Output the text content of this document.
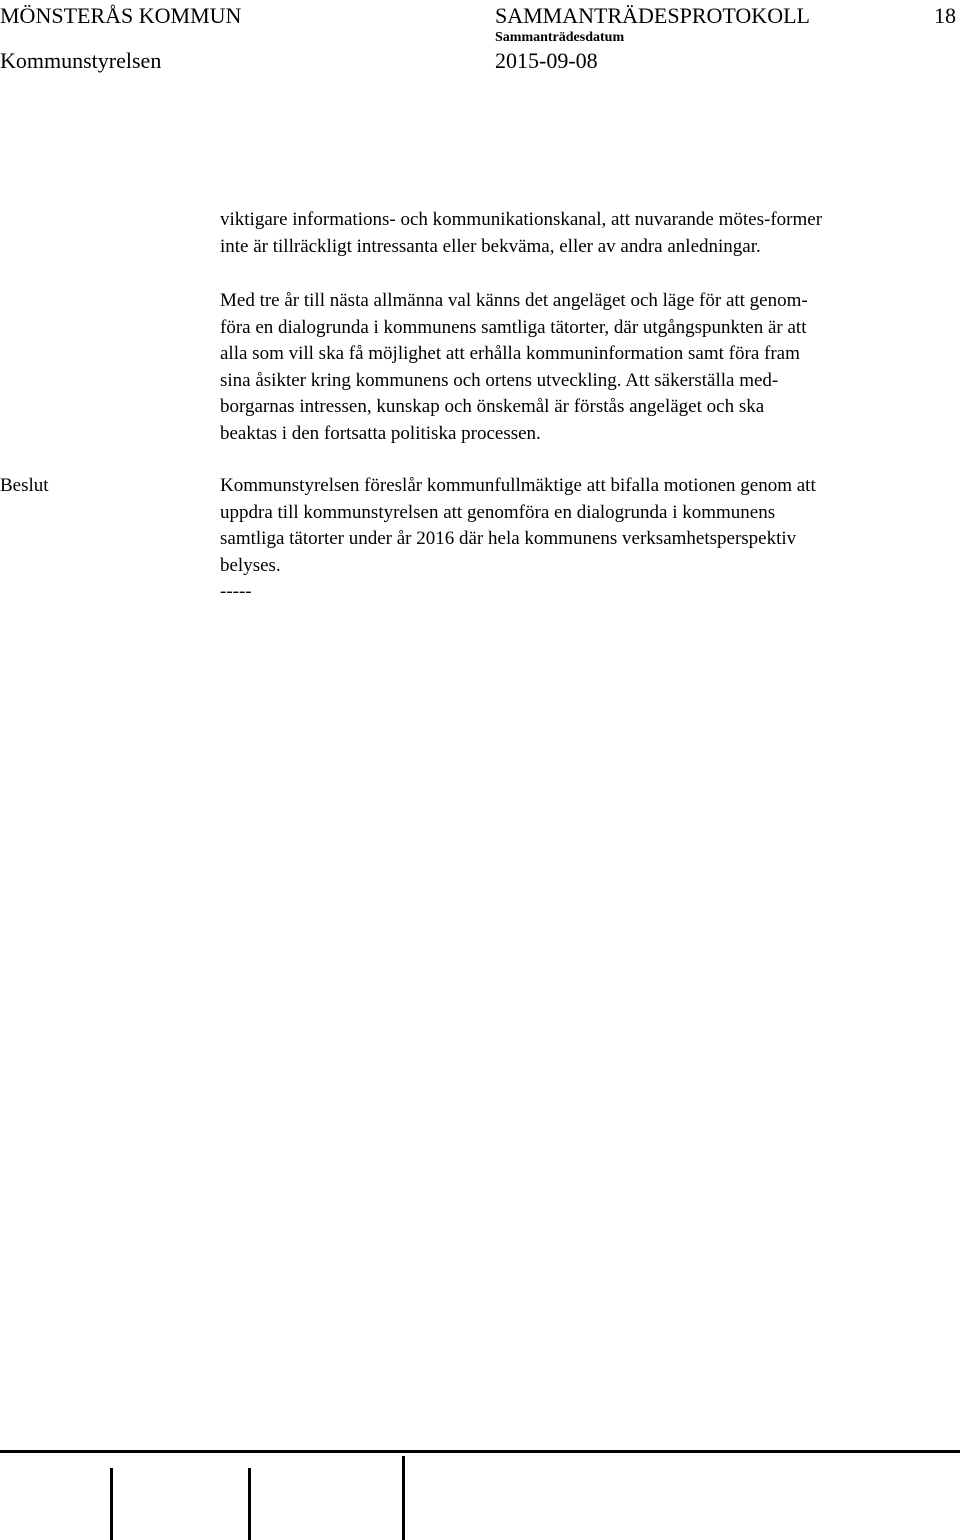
MÖNSTERÅS KOMMUN
Kommunstyrelsen
SAMMANTRÄDESPROTOKOLL
Sammanträdesdatum
2015-09-08
18

viktigare informations- och kommunikationskanal, att nuvarande mötes-former

inte är tillräckligt intressanta eller bekväma, eller av andra anledningar.

Med tre år till nästa allmänna val känns det angeläget och läge för att genom-

föra en dialogrunda i kommunens samtliga tätorter, där utgångspunkten är att

alla som vill ska få möjlighet att erhålla kommuninformation samt föra fram

sina åsikter kring kommunens och ortens utveckling. Att säkerställa med-

borgarnas intressen, kunskap och önskemål är förstås angeläget och ska

beaktas i den fortsatta politiska processen.

Beslut	Kommunstyrelsen föreslår kommunfullmäktige att bifalla motionen genom att

uppdra till kommunstyrelsen att genomföra en dialogrunda i kommunens

samtliga tätorter under år 2016 där hela kommunens verksamhetsperspektiv

belyses.

-----
